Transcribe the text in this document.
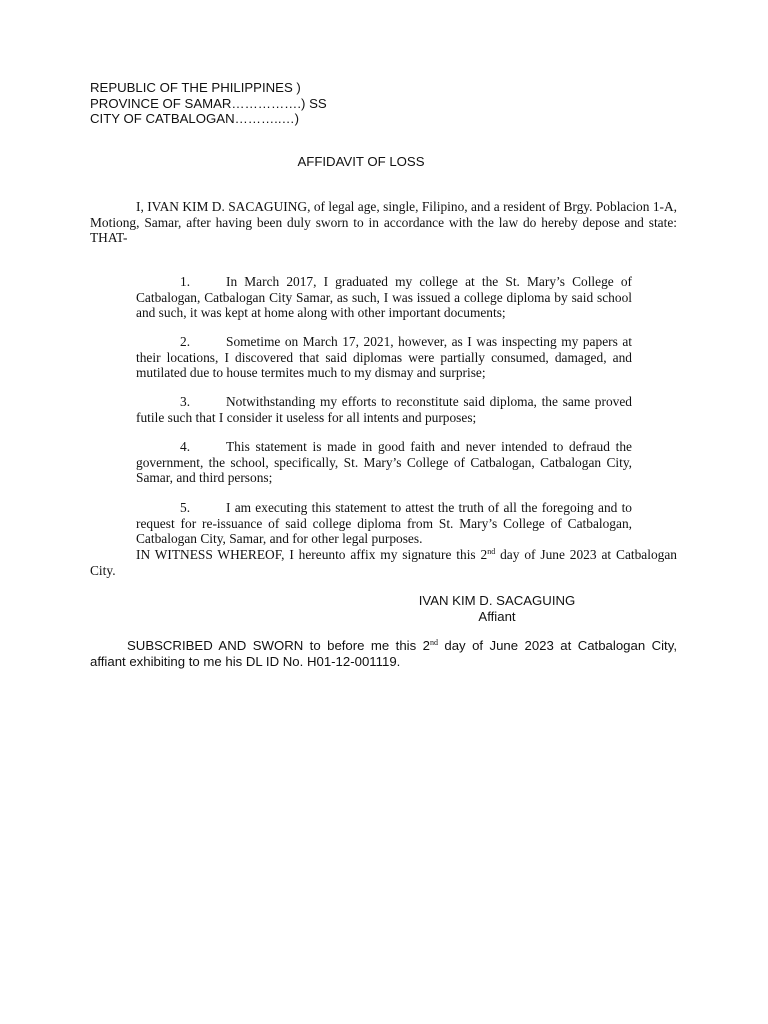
REPUBLIC OF THE PHILIPPINES )
PROVINCE OF SAMAR…………….) SS
CITY OF CATBALOGAN………..…)
AFFIDAVIT OF LOSS

I, IVAN KIM D. SACAGUING, of legal age, single, Filipino, and a resident of Brgy. Poblacion 1-A, Motiong, Samar, after having been duly sworn to in accordance with the law do hereby depose and state: THAT-

1.	In March 2017, I graduated my college at the St. Mary’s College of Catbalogan, Catbalogan City Samar, as such, I was issued a college diploma by said school and such, it was kept at home along with other important documents;

2.	Sometime on March 17, 2021, however, as I was inspecting my papers at their locations, I discovered that said diplomas were partially consumed, damaged, and mutilated due to house termites much to my dismay and surprise;

3.	Notwithstanding my efforts to reconstitute said diploma, the same proved futile such that I consider it useless for all intents and purposes;

4.	This statement is made in good faith and never intended to defraud the government, the school, specifically, St. Mary’s College of Catbalogan, Catbalogan City, Samar, and third persons;

5.	I am executing this statement to attest the truth of all the foregoing and to request for re-issuance of said college diploma from St. Mary’s College of Catbalogan, Catbalogan City, Samar, and for other legal purposes.

IN WITNESS WHEREOF, I hereunto affix my signature this 2nd day of June 2023 at Catbalogan City.

IVAN KIM D. SACAGUING
Affiant

SUBSCRIBED AND SWORN to before me this 2nd day of June 2023 at Catbalogan City, affiant exhibiting to me his DL ID No. H01-12-001119.
